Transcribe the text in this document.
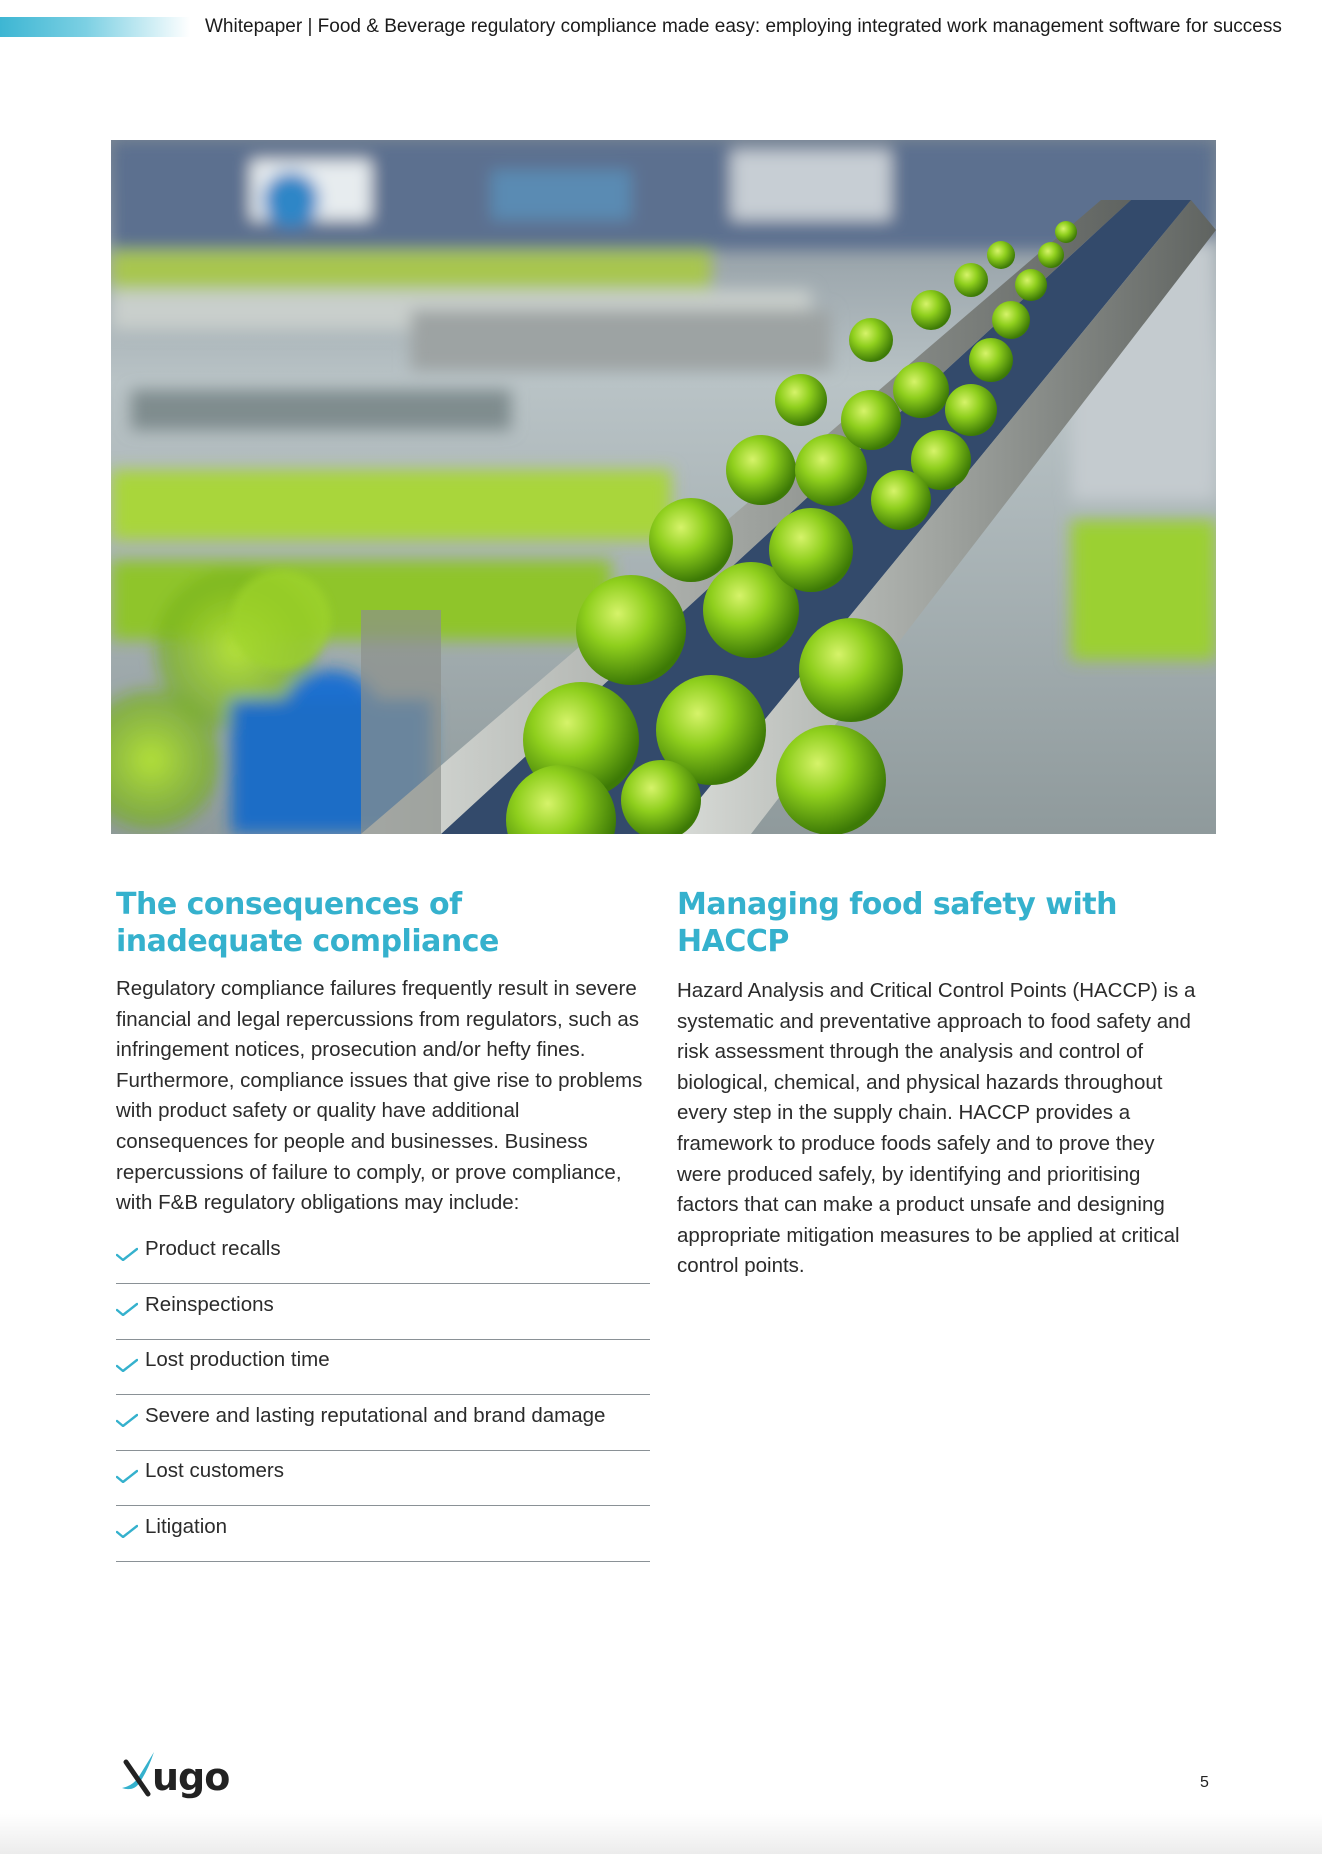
Whitepaper | Food & Beverage regulatory compliance made easy: employing integrated work management software for success
The consequences of inadequate compliance

Regulatory compliance failures frequently result in severe financial and legal repercussions from regulators, such as infringement notices, prosecution and/or hefty fines. Furthermore, compliance issues that give rise to problems with product safety or quality have additional consequences for people and businesses. Business repercussions of failure to comply, or prove compliance, with F&B regulatory obligations may include:

Product recalls
Reinspections
Lost production time
Severe and lasting reputational and brand damage
Lost customers
Litigation
Managing food safety with HACCP

Hazard Analysis and Critical Control Points (HACCP) is a systematic and preventative approach to food safety and risk assessment through the analysis and control of biological, chemical, and physical hazards throughout every step in the supply chain. HACCP provides a framework to produce foods safely and to prove they were produced safely, by identifying and prioritising factors that can make a product unsafe and designing appropriate mitigation measures to be applied at critical control points.

ugo	5
